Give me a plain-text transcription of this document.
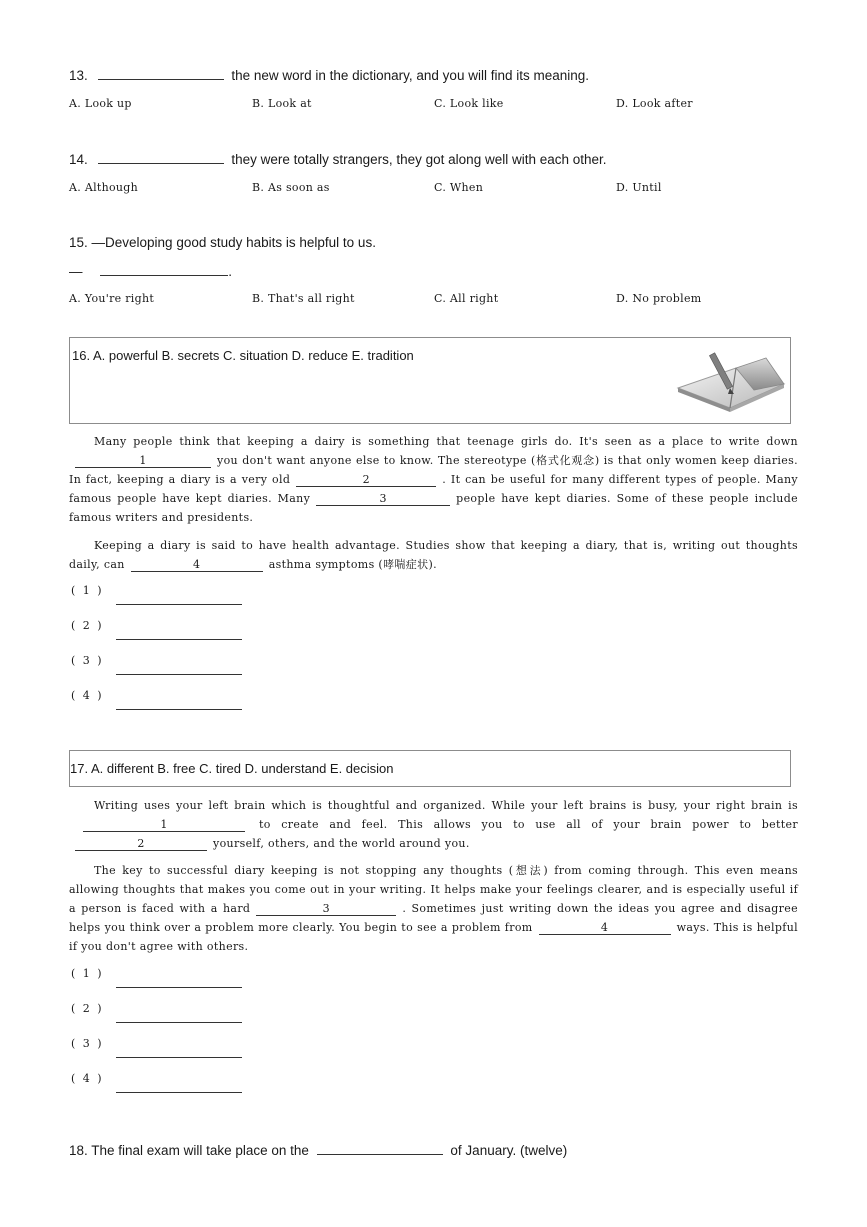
13.	the new word in the dictionary, and you will find its meaning.
A. Look up	B. Look at	C. Look like	D. Look after
14.	they were totally strangers, they got along well with each other.
A. Although	B. As soon as	C. When	D. Until
15. —Developing good study habits is helpful to us.
—	.
A. You're right	B. That's all right	C. All right	D. No problem
16. A. powerful B. secrets C. situation D. reduce E. tradition
Many people think that keeping a dairy is something that teenage girls do. It's seen as a place to write down1	you don't want anyone else to know. The stereotype (格式化观念) is that only women keep diaries. In fact, keeping a diary is a very old	2	. It can be useful for many different types of people. Many famous people have kept diaries. Many	3	people have kept diaries. Some of these people include famous writers and presidents.
Keeping a diary is said to have health advantage. Studies show that keeping a diary, that is, writing out thoughts daily, can	4	asthma symptoms (哮喘症状).
( 1 )
( 2 )
( 3 )
( 4 )
17. A. different B. free C. tired D. understand E. decision
Writing uses your left brain which is thoughtful and organized. While your left brains is busy, your right brain is1	to create and feel. This allows you to use all of your brain power to better2	yourself, others, and the world around you.
The key to successful diary keeping is not stopping any thoughts (想法) from coming through. This even means allowing thoughts that makes you come out in your writing. It helps make your feelings clearer, and is especially useful if a person is faced with a hard	3	. Sometimes just writing down the ideas you agree and disagree helps you think over a problem more clearly. You begin to see a problem from	4	ways. This is helpful if you don't agree with others.
( 1 )
( 2 )
( 3 )
( 4 )
18. The final exam will take place on the	of January. (twelve)
